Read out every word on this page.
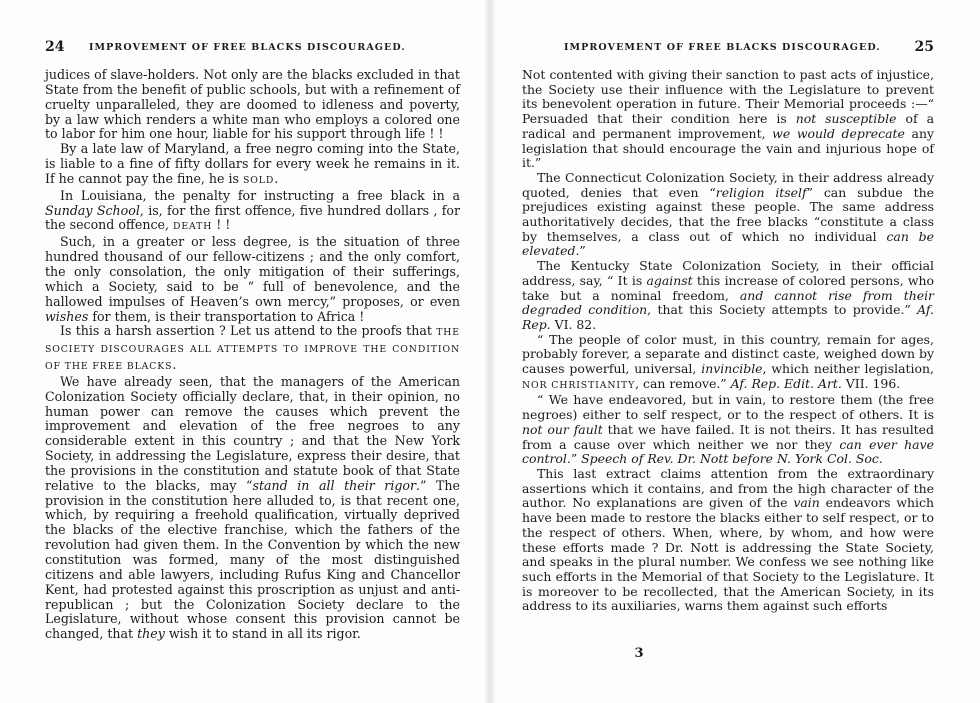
24	IMPROVEMENT OF FREE BLACKS DISCOURAGED.

judices of slave-holders. Not only are the blacks excluded in that State from the benefit of public schools, but with a refinement of cruelty unparalleled, they are doomed to idleness and poverty, by a law which renders a white man who employs a colored one to labor for him one hour, liable for his support through life ! !

By a late law of Maryland, a free negro coming into the State, is liable to a fine of fifty dollars for every week he remains in it. If he cannot pay the fine, he is SOLD.

In Louisiana, the penalty for instructing a free black in a Sunday School, is, for the first offence, five hundred dollars , for the second offence, DEATH ! !

Such, in a greater or less degree, is the situation of three hundred thousand of our fellow-citizens ; and the only comfort, the only consolation, the only mitigation of their sufferings, which a Society, said to be “ full of benevolence, and the hallowed impulses of Heaven’s own mercy,” proposes, or even wishes for them, is their transportation to Africa !

Is this a harsh assertion ? Let us attend to the proofs that THE SOCIETY DISCOURAGES ALL ATTEMPTS TO IMPROVE THE CONDITION OF THE FREE BLACKS.

We have already seen, that the managers of the American Colonization Society officially declare, that, in their opinion, no human power can remove the causes which prevent the improvement and elevation of the free negroes to any considerable extent in this country ; and that the New York Society, in addressing the Legislature, express their desire, that the provisions in the constitution and statute book of that State relative to the blacks, may “stand in all their rigor.” The provision in the constitution here alluded to, is that recent one, which, by requiring a freehold qualification, virtually deprived the blacks of the elective franchise, which the fathers of the revolution had given them. In the Convention by which the new constitution was formed, many of the most distinguished citizens and able lawyers, including Rufus King and Chancellor Kent, had protested against this proscription as unjust and anti-republican ; but the Colonization Society declare to the Legislature, without whose consent this provision cannot be changed, that they wish it to stand in all its rigor.

IMPROVEMENT OF FREE BLACKS DISCOURAGED. 25

Not contented with giving their sanction to past acts of injustice, the Society use their influence with the Legislature to prevent its benevolent operation in future. Their Memorial proceeds :—“ Persuaded that their condition here is not susceptible of a radical and permanent improvement, we would deprecate any legislation that should encourage the vain and injurious hope of it.”

The Connecticut Colonization Society, in their address already quoted, denies that even “religion itself” can subdue the prejudices existing against these people. The same address authoritatively decides, that the free blacks “constitute a class by themselves, a class out of which no individual can be elevated.”

The Kentucky State Colonization Society, in their official address, say, “ It is against this increase of colored persons, who take but a nominal freedom, and cannot rise from their degraded condition, that this Society attempts to provide.” Af. Rep. VI. 82.

“ The people of color must, in this country, remain for ages, probably forever, a separate and distinct caste, weighed down by causes powerful, universal, invincible, which neither legislation, NOR CHRISTIANITY, can remove.” Af. Rep. Edit. Art. VII. 196.

“ We have endeavored, but in vain, to restore them (the free negroes) either to self respect, or to the respect of others. It is not our fault that we have failed. It is not theirs. It has resulted from a cause over which neither we nor they can ever have control.” Speech of Rev. Dr. Nott before N. York Col. Soc.

This last extract claims attention from the extraordinary assertions which it contains, and from the high character of the author. No explanations are given of the vain endeavors which have been made to restore the blacks either to self respect, or to the respect of others. When, where, by whom, and how were these efforts made ? Dr. Nott is addressing the State Society, and speaks in the plural number. We confess we see nothing like such efforts in the Memorial of that Society to the Legislature. It is moreover to be recollected, that the American Society, in its address to its auxiliaries, warns them against such efforts

3
